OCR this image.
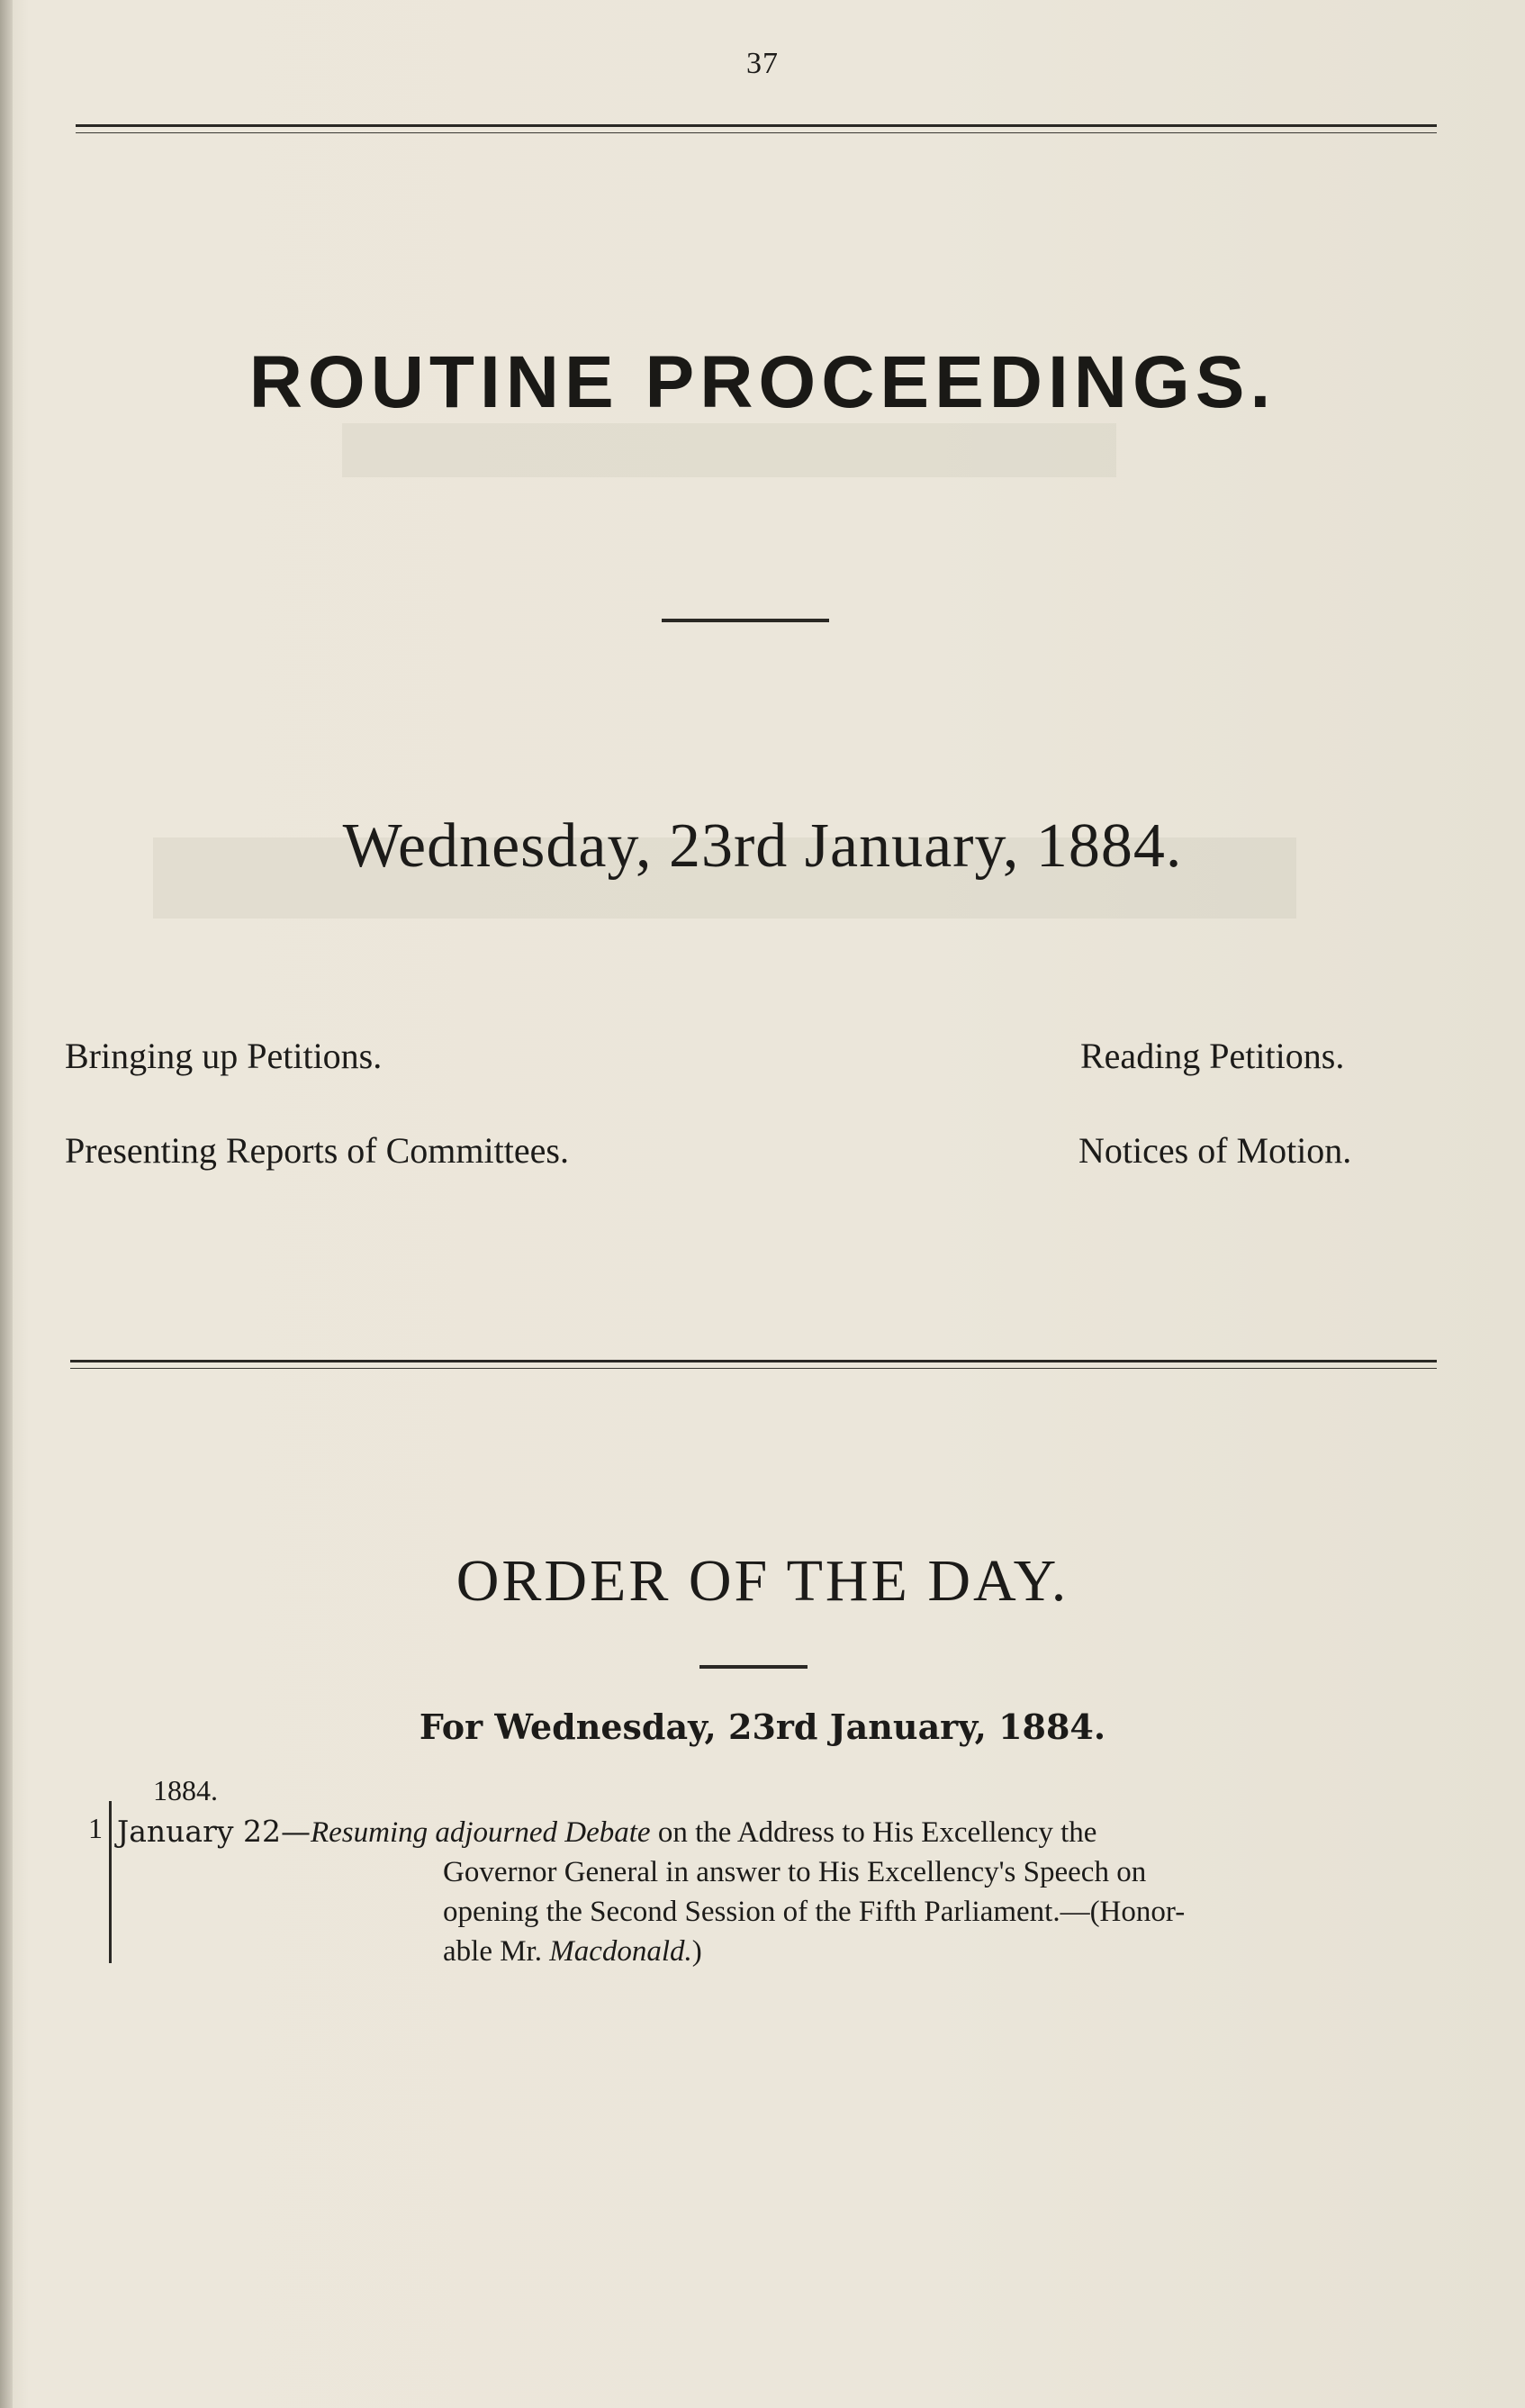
37
ROUTINE PROCEEDINGS.
Wednesday, 23rd January, 1884.
Bringing up Petitions.	Reading Petitions.
Presenting Reports of Committees.	Notices of Motion.
ORDER OF THE DAY.
For Wednesday, 23rd January, 1884.
1884.
1 January 22—Resuming adjourned Debate on the Address to His Excellency the
Governor General in answer to His Excellency's Speech on
opening the Second Session of the Fifth Parliament.—(Honor-
able Mr. Macdonald.)
